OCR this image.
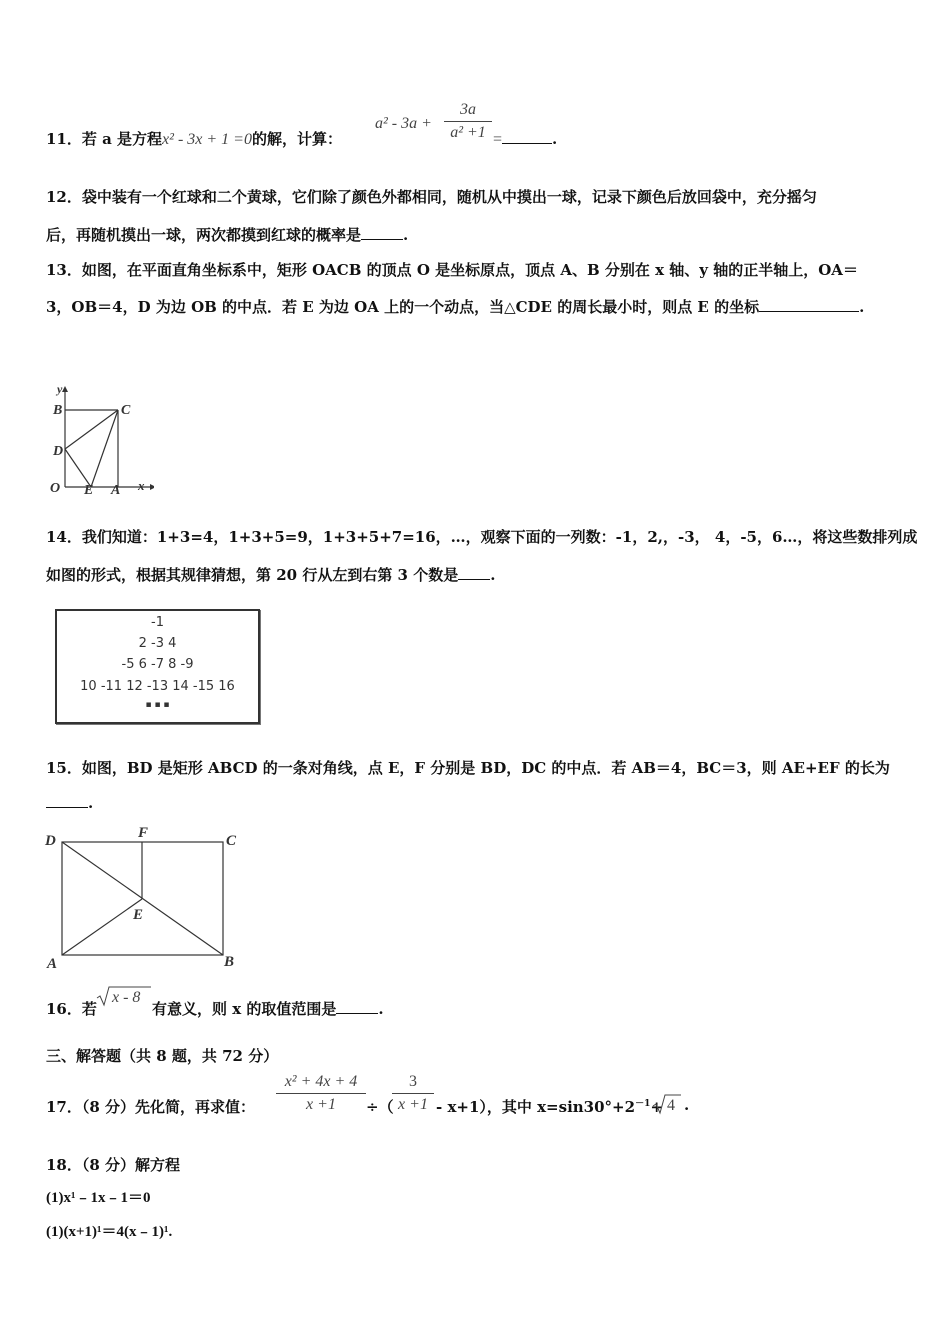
11．若 a 是方程x² - 3x + 1 =0的解，计算：
a² - 3a +
3a
a² +1 =	.
12．袋中装有一个红球和二个黄球，它们除了颜色外都相同，随机从中摸出一球，记录下颜色后放回袋中，充分摇匀
后，再随机摸出一球，两次都摸到红球的概率是	.
13．如图，在平面直角坐标系中，矩形 OACB 的顶点 O 是坐标原点，顶点 A、B 分别在 x 轴、y 轴的正半轴上，OA＝
3，OB＝4，D 为边 OB 的中点．若 E 为边 OA 上的一个动点，当△CDE 的周长最小时，则点 E 的坐标	.
y
B	C
D
O E A x
14．我们知道：1+3=4，1+3+5=9，1+3+5+7=16，…，观察下面的一列数：-1，2,，-3， 4，-5，6…，将这些数排列成
如图的形式，根据其规律猜想，第 20 行从左到右第 3 个数是 .
-1
2 -3 4
-5 6 -7 8 -9
10 -11 12 -13 14 -15 16
▪ ▪ ▪
15．如图，BD 是矩形 ABCD 的一条对角线，点 E，F 分别是 BD，DC 的中点．若 AB＝4，BC＝3，则 AE+EF 的长为
.
D	F	C
E
A	B
16．若
x - 8
有意义，则 x 的取值范围是	.
三、解答题（共 8 题，共 72 分）
17．（8 分）先化简，再求值：
x² + 4x + 4
x +1	÷（
3
x +1 - x+1），其中 $x=\sin 30^\circ+2^{-1}+ 4$ .
18．（8 分）解方程
(1)x¹﹣1x﹣1＝0
(1)(x+1)¹＝4(x﹣1)¹.
